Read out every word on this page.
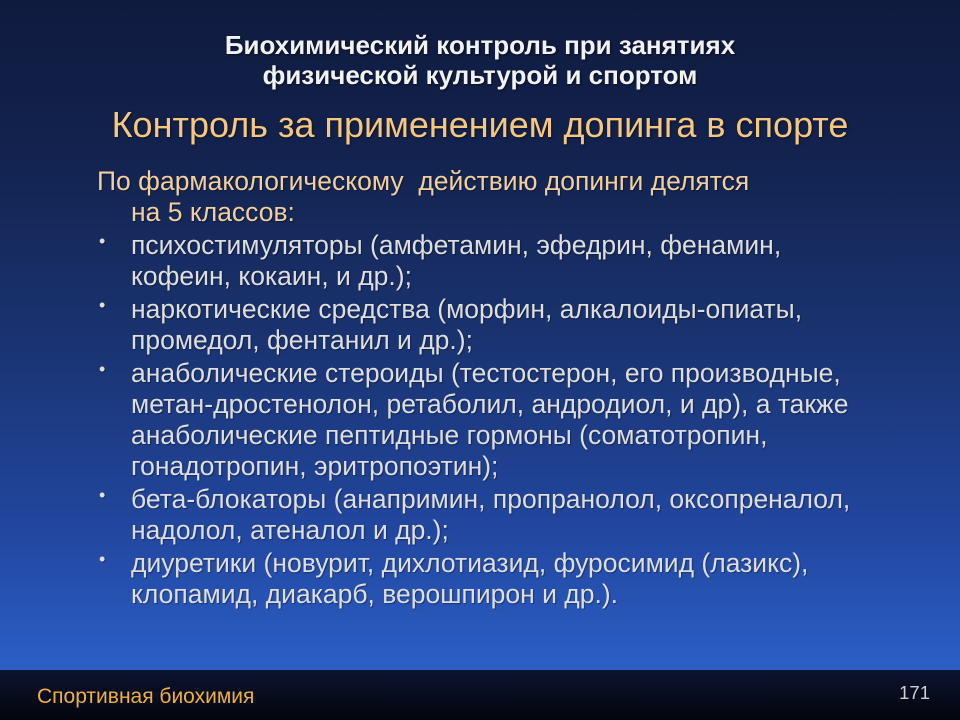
Биохимический контроль при занятиях
физической культурой и спортом
Контроль за применением допинга в спорте
По фармакологическому  действию допинги делятся
на 5 классов:
• психостимуляторы (амфетамин, эфедрин, фенамин,
кофеин, кокаин, и др.);
• наркотические средства (морфин, алкалоиды-опиаты,
промедол, фентанил и др.);
• анаболические стероиды (тестостерон, его производные,
метан-дростенолон, ретаболил, андродиол, и др), а также
анаболические пептидные гормоны (соматотропин,
гонадотропин, эритропоэтин);
• бета-блокаторы (анапримин, пропранолол, оксопреналол,
надолол, атеналол и др.);
• диуретики (новурит, дихлотиазид, фуросимид (лазикс),
клопамид, диакарб, верошпирон и др.).
Спортивная биохимия	171
